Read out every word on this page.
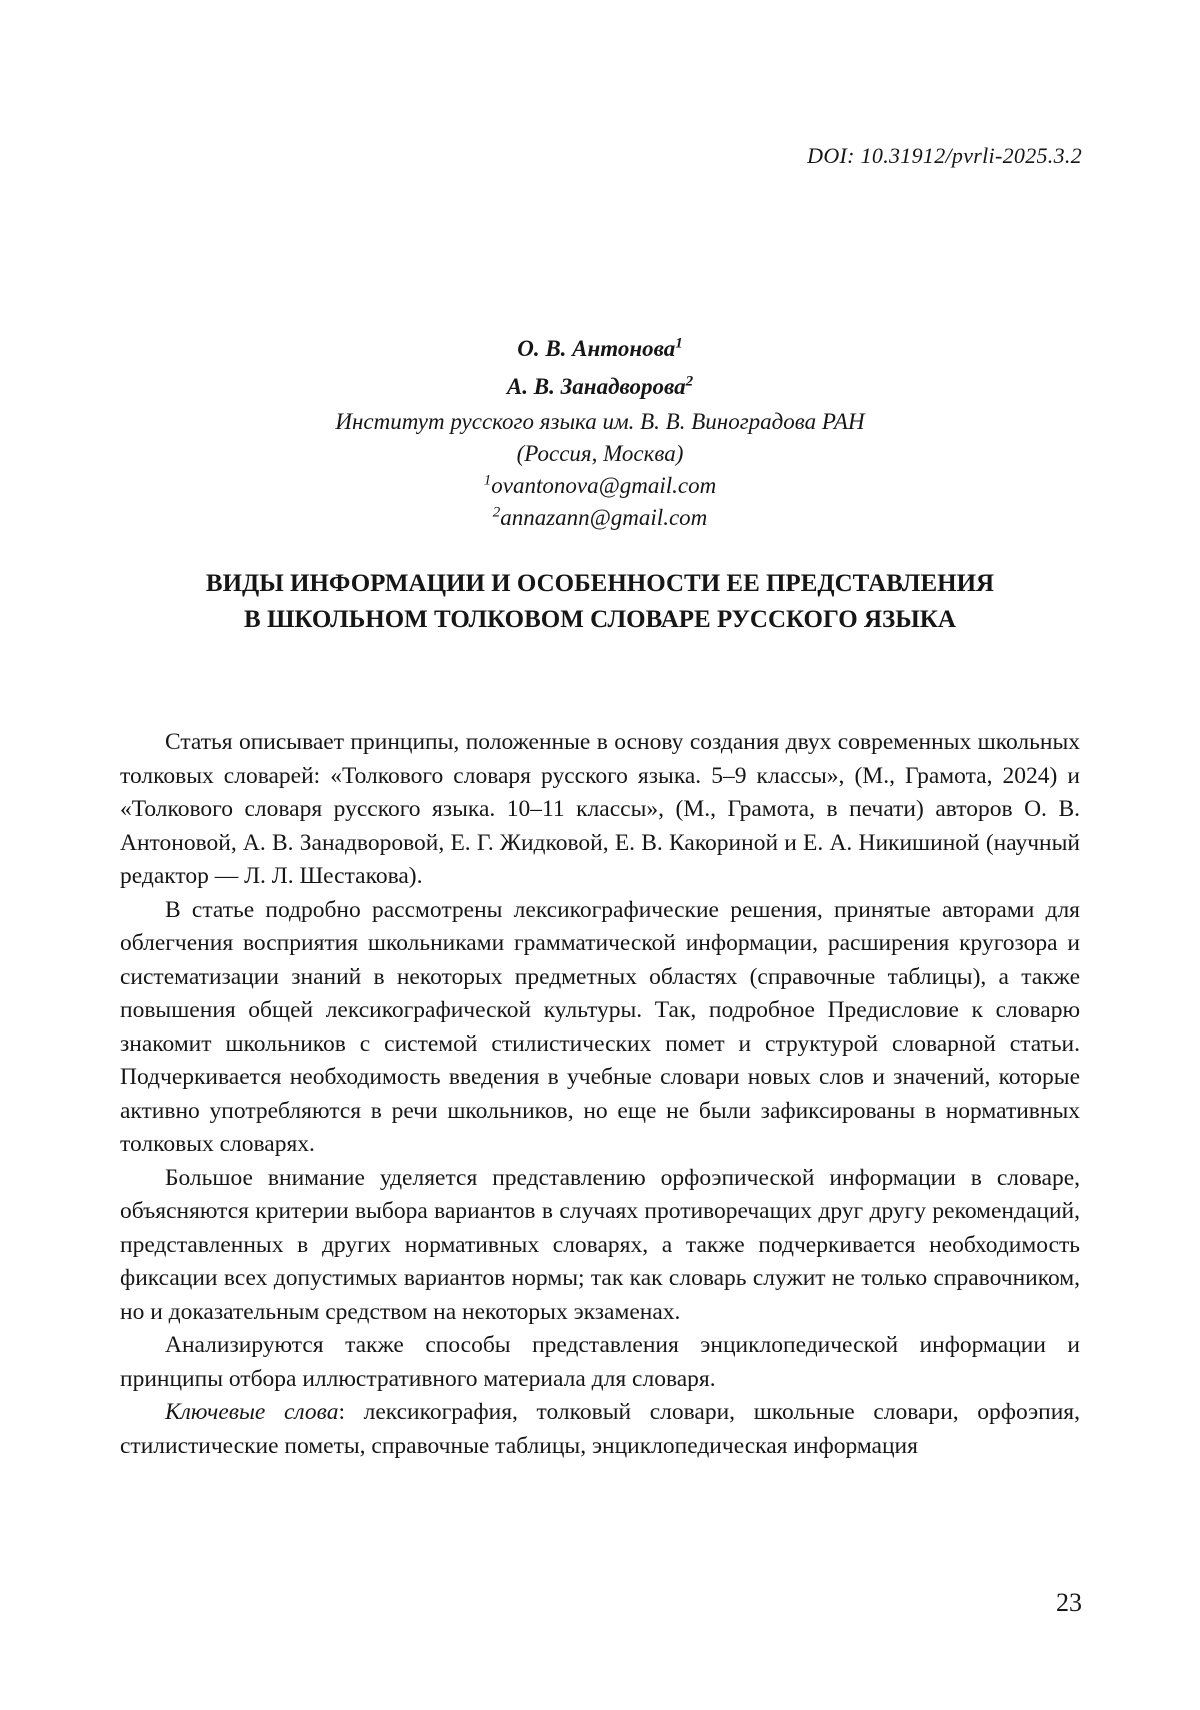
DOI: 10.31912/pvrli-2025.3.2
О. В. Антонова$^1$
А. В. Занадворова$^2$
Институт русского языка им. В. В. Виноградова РАН
(Россия, Москва)
$^1$ovantonova@gmail.com
$^2$annazann@gmail.com
ВИДЫ ИНФОРМАЦИИ И ОСОБЕННОСТИ ЕЕ ПРЕДСТАВЛЕНИЯ
В ШКОЛЬНОМ ТОЛКОВОМ СЛОВАРЕ РУССКОГО ЯЗЫКА

Статья описывает принципы, положенные в основу создания двух современных школьных толковых словарей: «Толкового словаря русского языка. 5–9 классы», (М., Грамота, 2024) и «Толкового словаря русского языка. 10–11 классы», (М., Грамота, в печати) авторов О. В. Антоновой, А. В. Занадворовой, Е. Г. Жидковой, Е. В. Какориной и Е. А. Никишиной (научный редактор — Л. Л. Шестакова).

В статье подробно рассмотрены лексикографические решения, принятые авторами для облегчения восприятия школьниками грамматической информации, расширения кругозора и систематизации знаний в некоторых предметных областях (справочные таблицы), а также повышения общей лексикографической культуры. Так, подробное Предисловие к словарю знакомит школьников с системой стилистических помет и структурой словарной статьи. Подчеркивается необходимость введения в учебные словари новых слов и значений, которые активно употребляются в речи школьников, но еще не были зафиксированы в нормативных толковых словарях.

Большое внимание уделяется представлению орфоэпической информации в словаре, объясняются критерии выбора вариантов в случаях противоречащих друг другу рекомендаций, представленных в других нормативных словарях, а также подчеркивается необходимость фиксации всех допустимых вариантов нормы; так как словарь служит не только справочником, но и доказательным средством на некоторых экзаменах.

Анализируются также способы представления энциклопедической информации и принципы отбора иллюстративного материала для словаря.

Ключевые слова: лексикография, толковый словари, школьные словари, орфоэпия, стилистические пометы, справочные таблицы, энциклопедическая информация

23
